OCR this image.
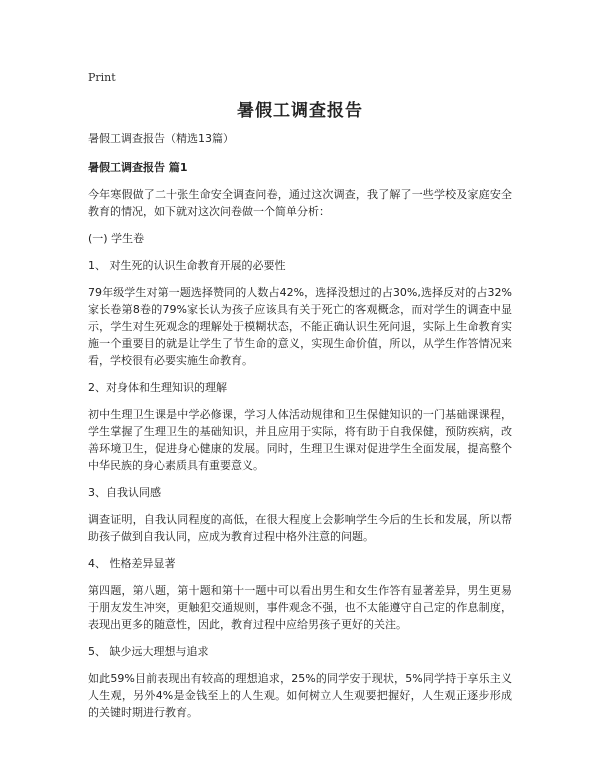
Print
暑假工调查报告

暑假工调查报告（精选13篇）

暑假工调查报告 篇1

今年寒假做了二十张生命安全调查问卷，通过这次调查，我了解了一些学校及家庭安全教育的情况，如下就对这次问卷做一个简单分析：

(一) 学生卷

1、 对生死的认识生命教育开展的必要性

79年级学生对第一题选择赞同的人数占42%，选择没想过的占30%,选择反对的占32%家长卷第8卷的79%家长认为孩子应该具有关于死亡的客观概念，而对学生的调查中显示，学生对生死观念的理解处于模糊状态，不能正确认识生死问退，实际上生命教育实施一个重要目的就是让学生了节生命的意义，实现生命价值，所以，从学生作答情况来看，学校很有必要实施生命教育。

2、对身体和生理知识的理解

初中生理卫生课是中学必修课，学习人体活动规律和卫生保健知识的一门基础课课程，学生掌握了生理卫生的基础知识，并且应用于实际，将有助于自我保健，预防疾病，改善环境卫生，促进身心健康的发展。同时，生理卫生课对促进学生全面发展，提高整个中华民族的身心素质具有重要意义。

3、自我认同感

调查证明，自我认同程度的高低，在很大程度上会影响学生今后的生长和发展，所以帮助孩子做到自我认同，应成为教育过程中格外注意的问题。

4、 性格差异显著

第四题，第八题，第十题和第十一题中可以看出男生和女生作答有显著差异，男生更易于朋友发生冲突，更触犯交通规则，事件观念不强，也不太能遵守自己定的作息制度，表现出更多的随意性，因此，教育过程中应给男孩子更好的关注。

5、 缺少远大理想与追求

如此59%目前表现出有较高的理想追求，25%的同学安于现状，5%同学持于享乐主义人生观，另外4%是金钱至上的人生观。如何树立人生观要把握好，人生观正逐步形成的关键时期进行教育。
